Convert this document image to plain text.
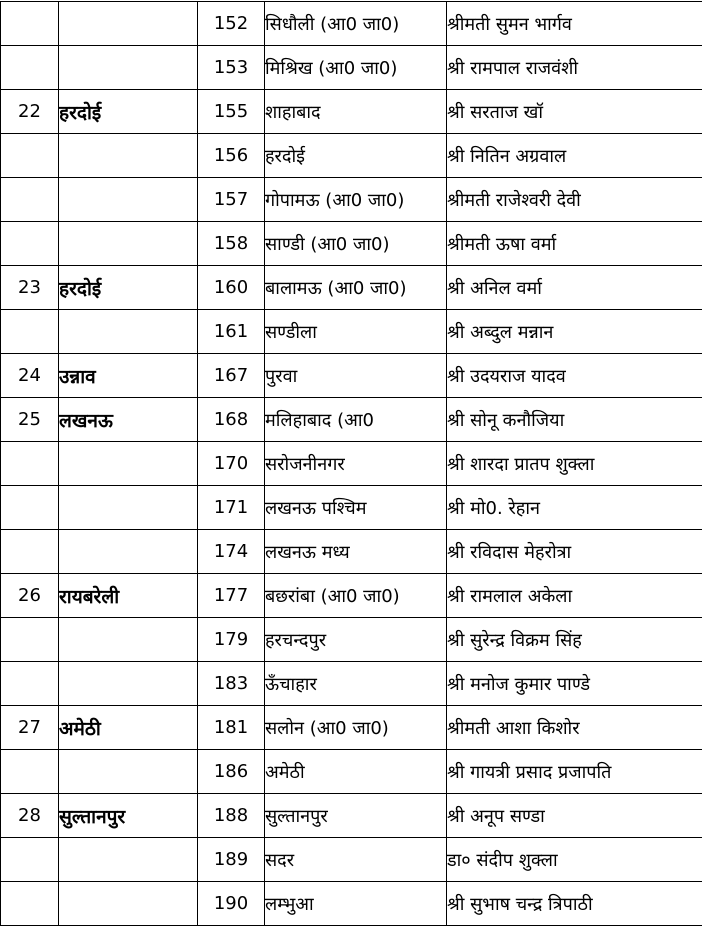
		152	सिधौली (आ0 जा0)	श्रीमती सुमन भार्गव
		153	मिश्रिख (आ0 जा0)	श्री रामपाल राजवंशी
22	हरदोई	155	शाहाबाद	श्री सरताज खॉ
		156	हरदोई	श्री नितिन अग्रवाल
		157	गोपामऊ (आ0 जा0)	श्रीमती राजेश्वरी देवी
		158	साण्डी (आ0 जा0)	श्रीमती ऊषा वर्मा
23	हरदोई	160	बालामऊ (आ0 जा0)	श्री अनिल वर्मा
		161	सण्डीला	श्री अब्दुल मन्नान
24	उन्नाव	167	पुरवा	श्री उदयराज यादव
25	लखनऊ	168	मलिहाबाद (आ0	श्री सोनू कनौजिया
		170	सरोजनीनगर	श्री शारदा प्रातप शुक्ला
		171	लखनऊ पश्चिम	श्री मो0. रेहान
		174	लखनऊ मध्य	श्री रविदास मेहरोत्रा
26	रायबरेली	177	बछरांबा (आ0 जा0)	श्री रामलाल अकेला
		179	हरचन्दपुर	श्री सुरेन्द्र विक्रम सिंह
		183	ऊँचाहार	श्री मनोज कुमार पाण्डे
27	अमेठी	181	सलोन (आ0 जा0)	श्रीमती आशा किशोर
		186	अमेठी	श्री गायत्री प्रसाद प्रजापति
28	सुल्तानपुर	188	सुल्तानपुर	श्री अनूप सण्डा
		189	सदर	डा० संदीप शुक्ला
		190	लम्भुआ	श्री सुभाष चन्द्र त्रिपाठी
